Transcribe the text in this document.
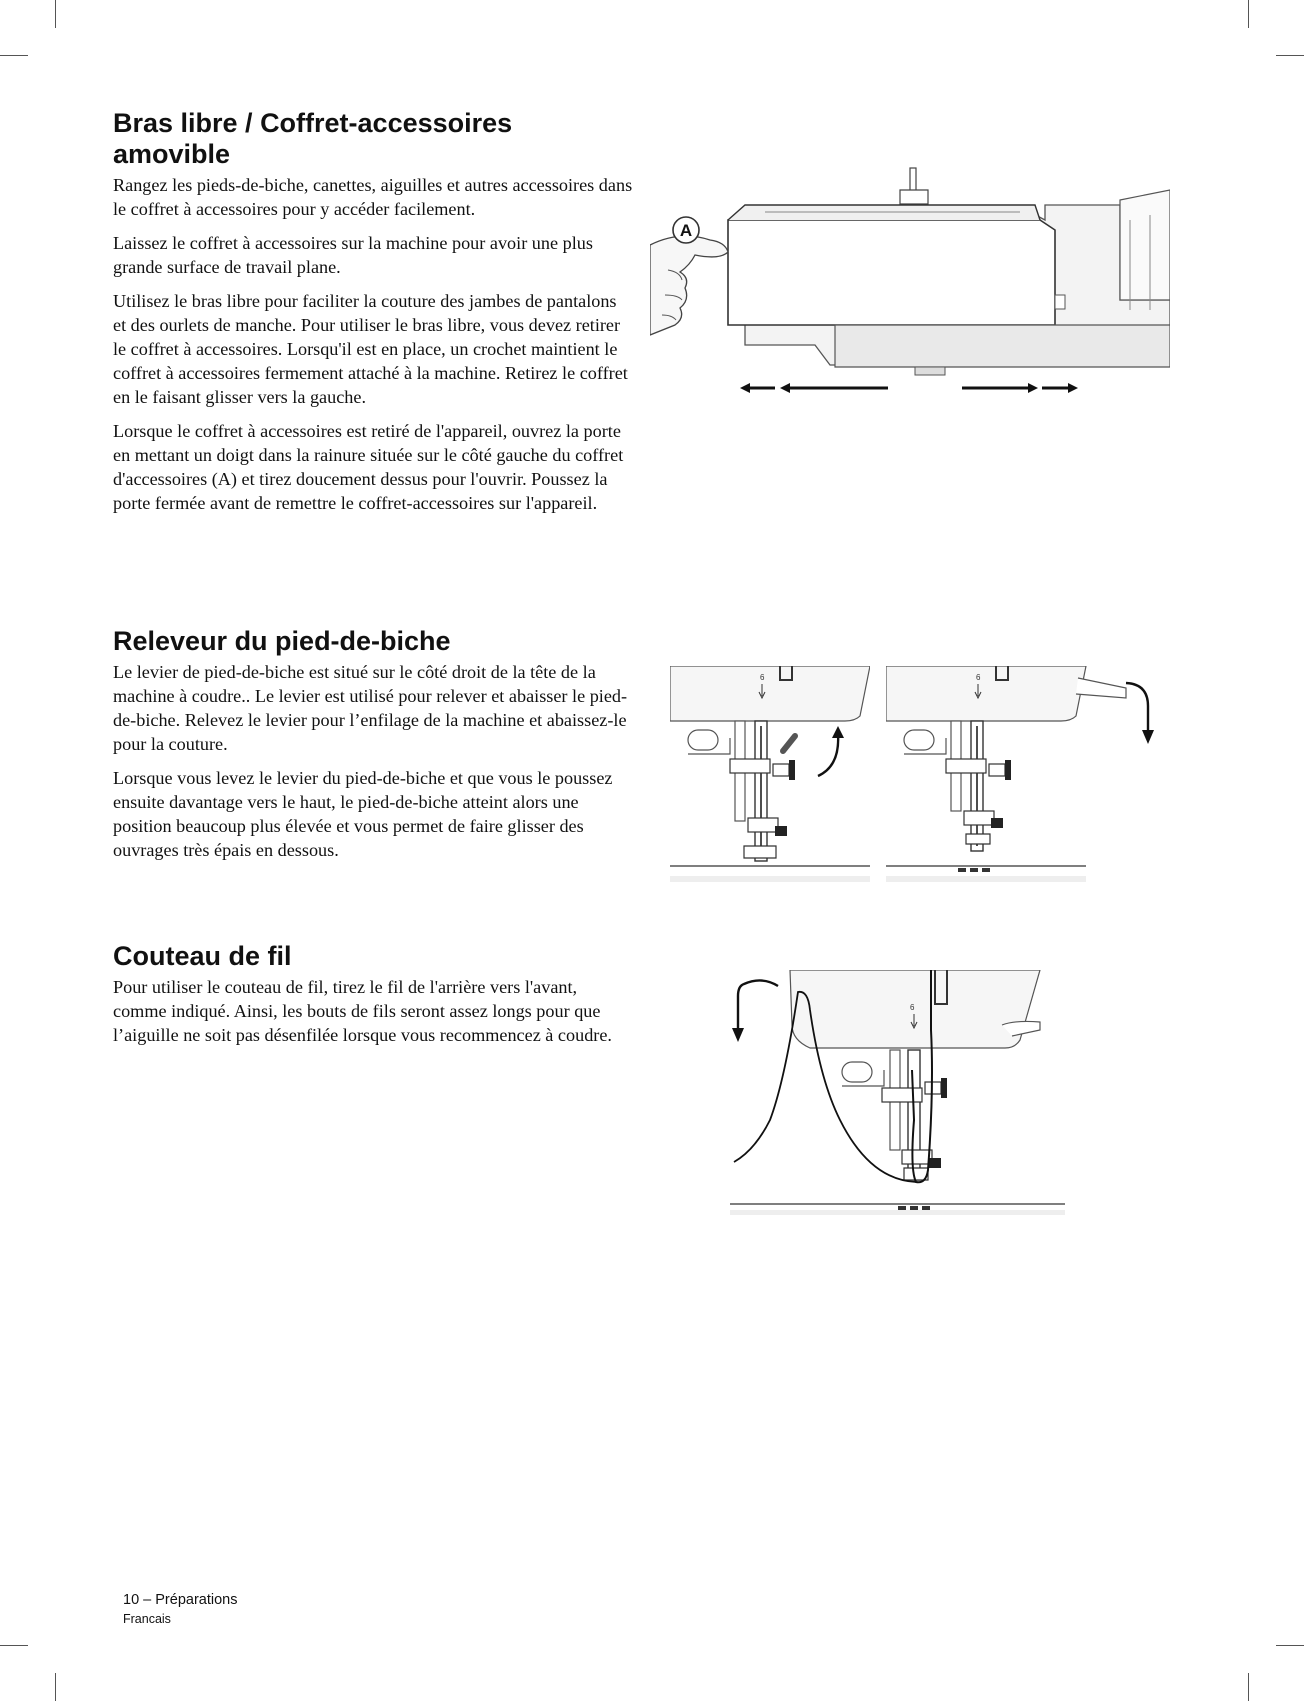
Bras libre / Coffret-accessoires amovible

Rangez les pieds-de-biche, canettes, aiguilles et autres accessoires dans le coffret à accessoires pour y accéder facilement.

Laissez le coffret à accessoires sur la machine pour avoir une plus grande surface de travail plane.

Utilisez le bras libre pour faciliter la couture des jambes de pantalons et des ourlets de manche. Pour utiliser le bras libre, vous devez retirer le coffret à accessoires. Lorsqu'il est en place, un crochet maintient le coffret à accessoires fermement attaché à la machine. Retirez le coffret en le faisant glisser vers la gauche.

Lorsque le coffret à accessoires est retiré de l'appareil, ouvrez la porte en mettant un doigt dans la rainure située sur le côté gauche du coffret d'accessoires (A) et tirez doucement dessus pour l'ouvrir. Poussez la porte fermée avant de remettre le coffret-accessoires sur l'appareil.

A
Releveur du pied-de-biche

Le levier de pied-de-biche est situé sur le côté droit de la tête de la machine à coudre.. Le levier est utilisé pour relever et abaisser le pied-de-biche. Relevez le levier pour l’enfilage de la machine et abaissez-le pour la couture.

Lorsque vous levez le levier du pied-de-biche et que vous le poussez ensuite davantage vers le haut, le pied-de-biche atteint alors une position beaucoup plus élevée et vous permet de faire glisser des ouvrages très épais en dessous.

6	6
Couteau de fil

Pour utiliser le couteau de fil, tirez le fil de l'arrière vers l'avant, comme indiqué. Ainsi, les bouts de fils seront assez longs pour que l’aiguille ne soit pas désenfilée lorsque vous recommencez à coudre.

6
10 – Préparations
Francais
